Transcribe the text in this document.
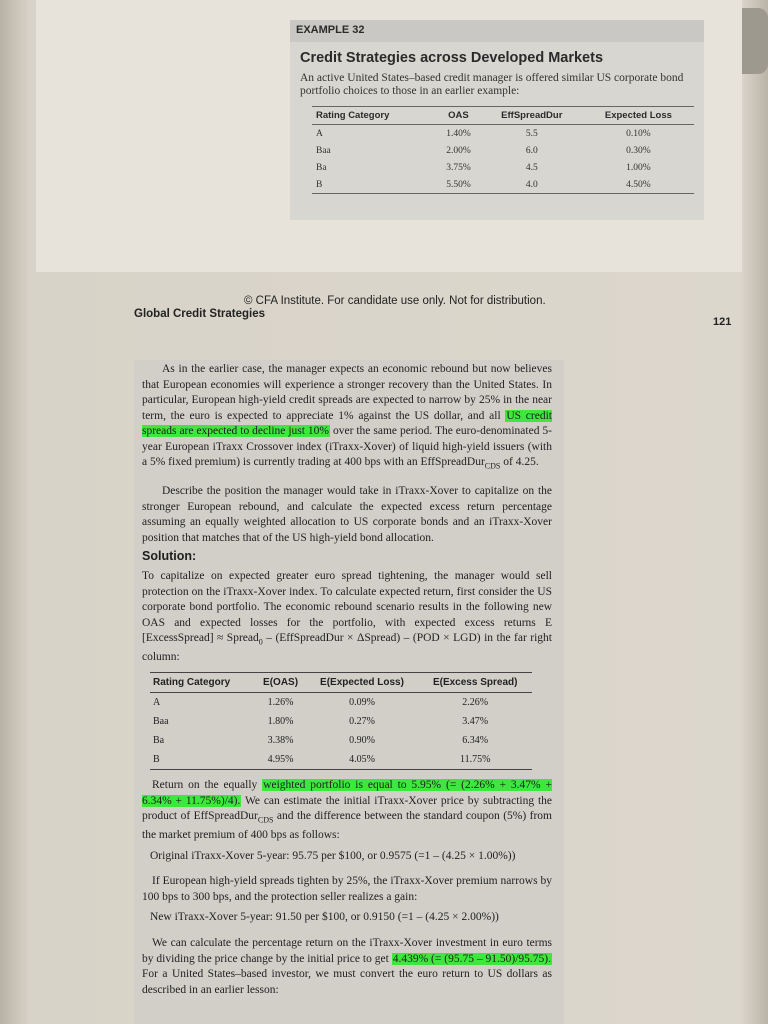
EXAMPLE 32
Credit Strategies across Developed Markets
An active United States–based credit manager is offered similar US corporate bond portfolio choices to those in an earlier example:
Rating Category	OAS	EffSpreadDur	Expected Loss
A	1.40%	5.5	0.10%
Baa	2.00%	6.0	0.30%
Ba	3.75%	4.5	1.00%
B	5.50%	4.0	4.50%
© CFA Institute. For candidate use only. Not for distribution.
Global Credit Strategies
121

As in the earlier case, the manager expects an economic rebound but now believes that European economies will experience a stronger recovery than the United States. In particular, European high-yield credit spreads are expected to narrow by 25% in the near term, the euro is expected to appreciate 1% against the US dollar, and all US credit spreads are expected to decline just 10% over the same period. The euro-denominated 5-year European iTraxx Crossover index (iTraxx-Xover) of liquid high-yield issuers (with a 5% fixed premium) is currently trading at 400 bps with an EffSpreadDur$_{CDS}$ of 4.25.

Describe the position the manager would take in iTraxx-Xover to capitalize on the stronger European rebound, and calculate the expected excess return percentage assuming an equally weighted allocation to US corporate bonds and an iTraxx-Xover position that matches that of the US high-yield bond allocation.

Solution:

To capitalize on expected greater euro spread tightening, the manager would sell protection on the iTraxx-Xover index. To calculate expected return, first consider the US corporate bond portfolio. The economic rebound scenario results in the following new OAS and expected losses for the portfolio, with expected excess returns E [ExcessSpread] ≈ Spread$_0$ – (EffSpreadDur × ΔSpread) – (POD × LGD) in the far right column:

Rating Category	E(OAS)	E(Expected Loss)	E(Excess Spread)
A	1.26%	0.09%	2.26%
Baa	1.80%	0.27%	3.47%
Ba	3.38%	0.90%	6.34%
B	4.95%	4.05%	11.75%

Return on the equally weighted portfolio is equal to 5.95% (= (2.26% + 3.47% + 6.34% + 11.75%)/4). We can estimate the initial iTraxx-Xover price by subtracting the product of EffSpreadDur$_{CDS}$ and the difference between the standard coupon (5%) from the market premium of 400 bps as follows:

Original iTraxx-Xover 5-year: 95.75 per $100, or 0.9575 (=1 – (4.25 × 1.00%))

If European high-yield spreads tighten by 25%, the iTraxx-Xover premium narrows by 100 bps to 300 bps, and the protection seller realizes a gain:

New iTraxx-Xover 5-year: 91.50 per $100, or 0.9150 (=1 – (4.25 × 2.00%))

We can calculate the percentage return on the iTraxx-Xover investment in euro terms by dividing the price change by the initial price to get 4.439% (= (95.75 – 91.50)/95.75). For a United States–based investor, we must convert the euro return to US dollars as described in an earlier lesson:
